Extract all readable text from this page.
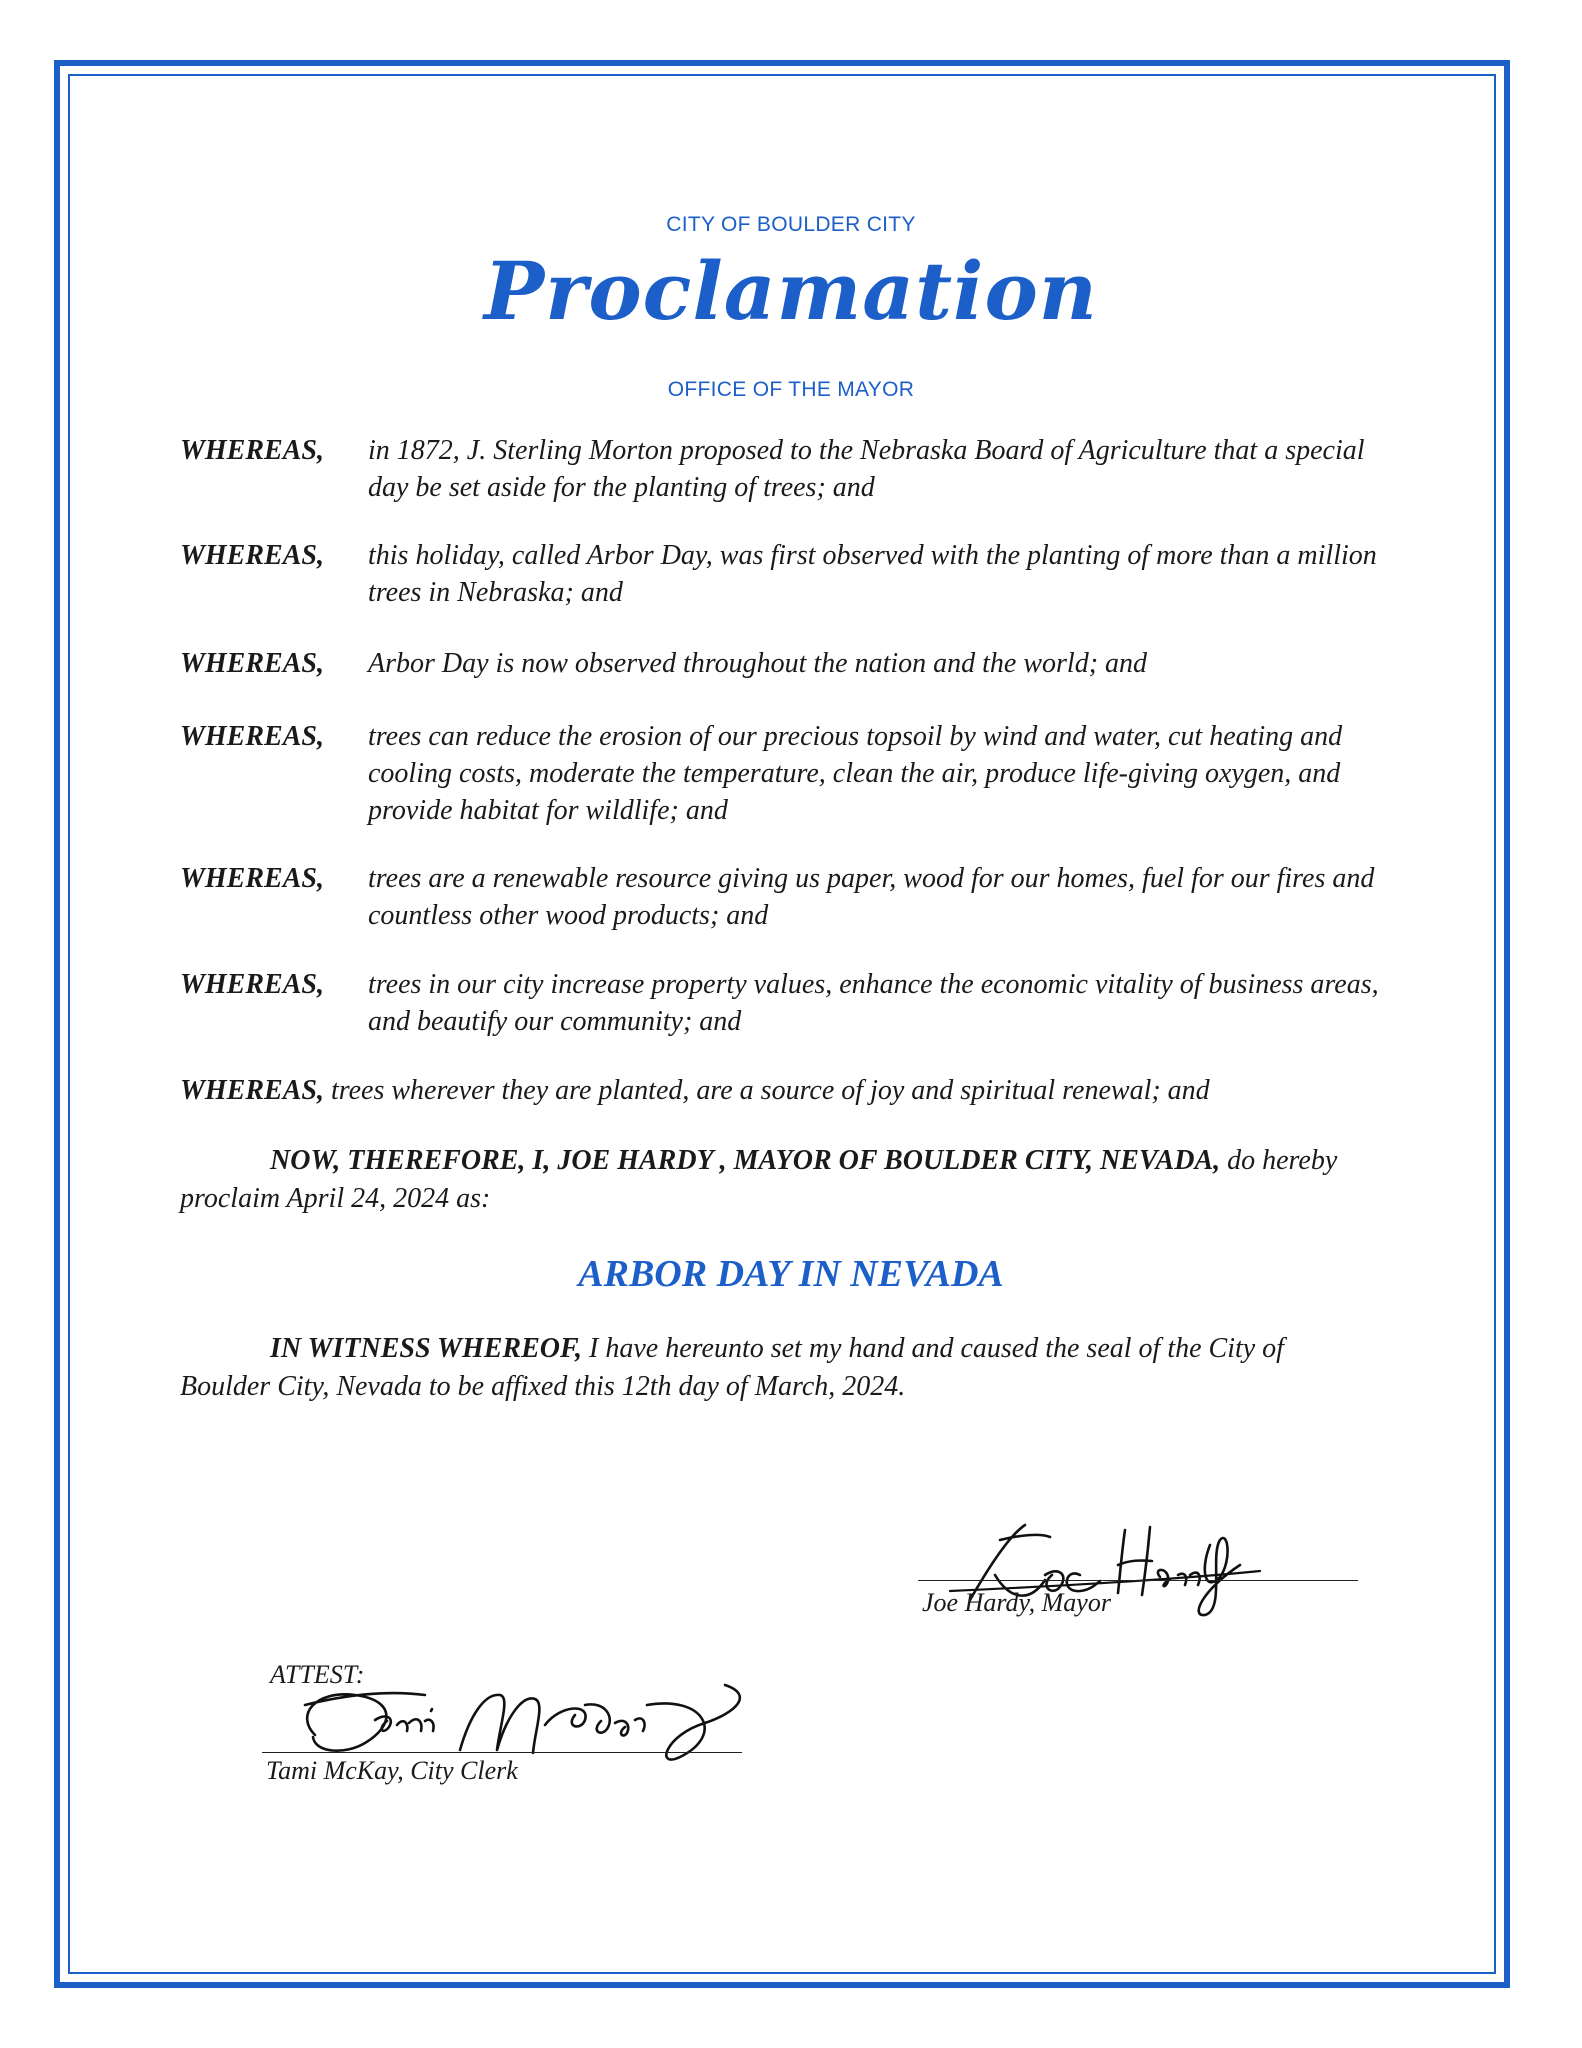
CITY OF BOULDER CITY
Proclamation
OFFICE OF THE MAYOR
WHEREAS, in 1872, J. Sterling Morton proposed to the Nebraska Board of Agriculture that a special day be set aside for the planting of trees; and
WHEREAS, this holiday, called Arbor Day, was first observed with the planting of more than a million trees in Nebraska; and
WHEREAS, Arbor Day is now observed throughout the nation and the world; and
WHEREAS, trees can reduce the erosion of our precious topsoil by wind and water, cut heating and cooling costs, moderate the temperature, clean the air, produce life-giving oxygen, and provide habitat for wildlife; and
WHEREAS, trees are a renewable resource giving us paper, wood for our homes, fuel for our fires and countless other wood products; and
WHEREAS, trees in our city increase property values, enhance the economic vitality of business areas, and beautify our community; and
WHEREAS, trees wherever they are planted, are a source of joy and spiritual renewal; and
NOW, THEREFORE, I, JOE HARDY , MAYOR OF BOULDER CITY, NEVADA, do hereby proclaim April 24, 2024 as:
ARBOR DAY IN NEVADA
IN WITNESS WHEREOF, I have hereunto set my hand and caused the seal of the City of Boulder City, Nevada to be affixed this 12th day of March, 2024.
Joe Hardy, Mayor
ATTEST:
Tami McKay, City Clerk
